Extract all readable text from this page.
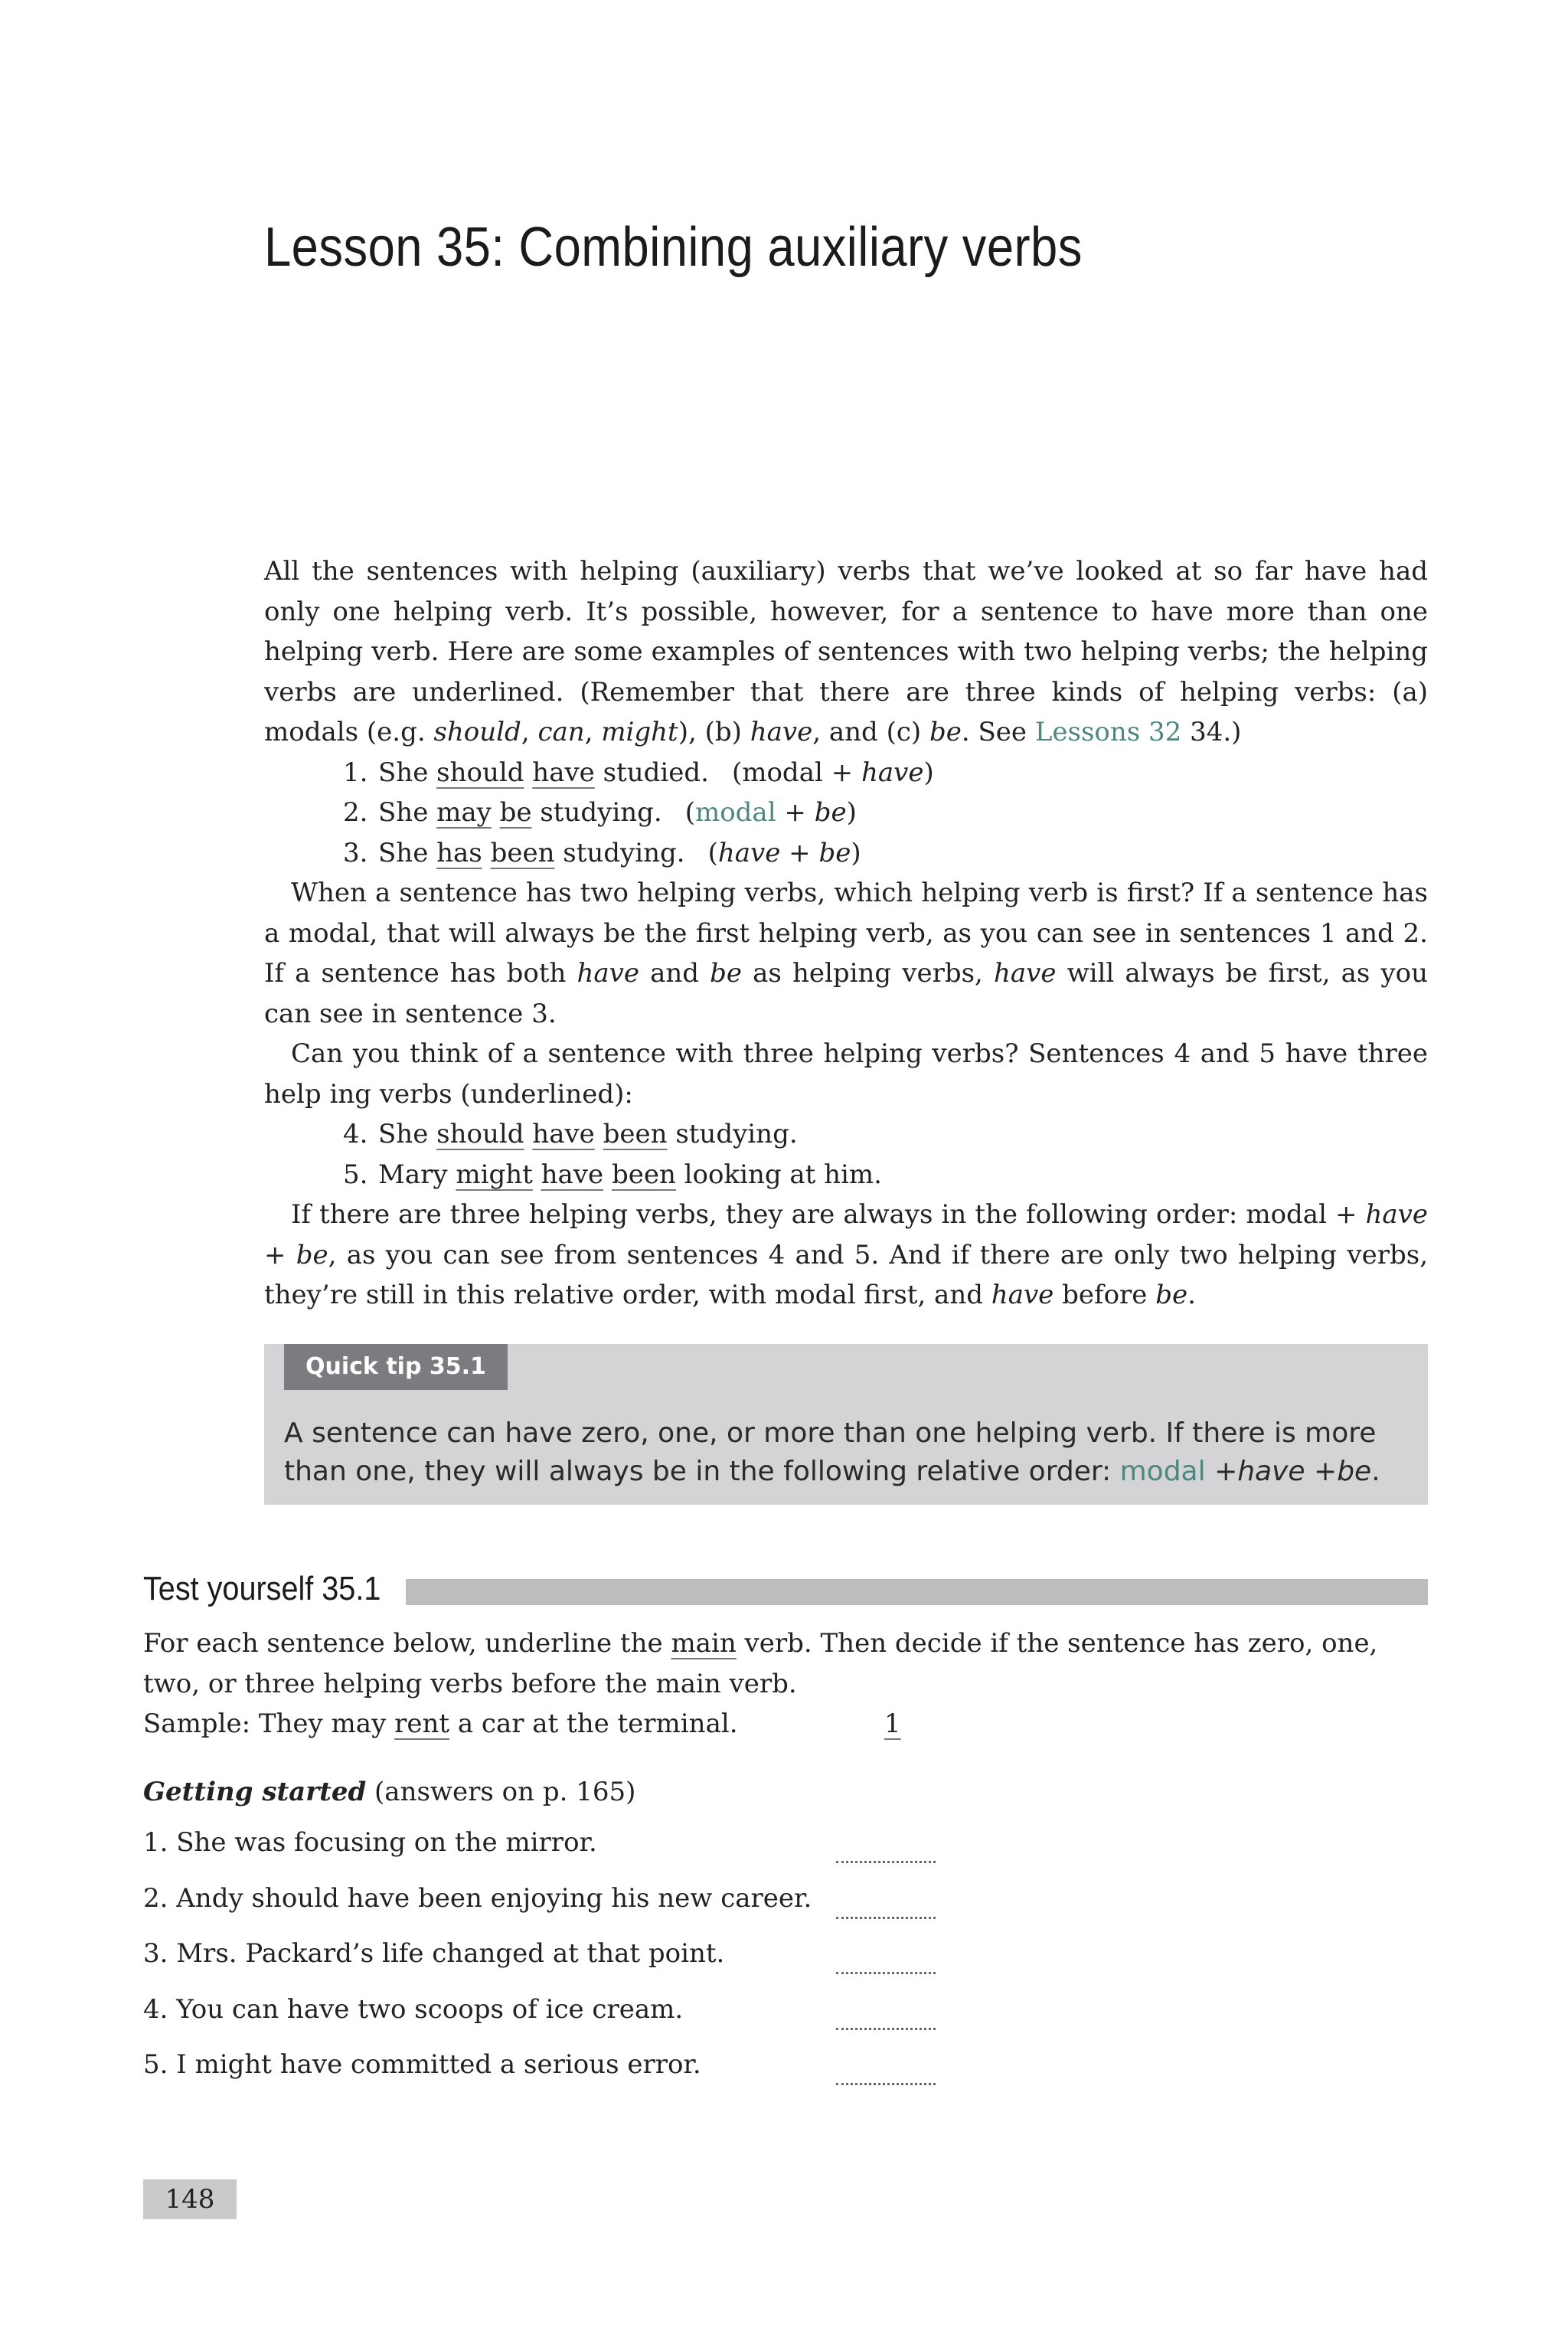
Lesson 35: Combining auxiliary verbs

All the sentences with helping (auxiliary) verbs that we’ve looked at so far have had only one helping verb. It’s possible, however, for a sentence to have more than one helping verb. Here are some examples of sentences with two helping verbs; the helping verbs are underlined. (Remember that there are three kinds of helping verbs: (a) modals (e.g. should, can, might), (b) have, and (c) be. See Lessons 32 34.)

1. She should have studied. (modal + have)

2. She may be studying. (modal + be)

3. She has been studying. (have + be)

When a sentence has two helping verbs, which helping verb is first? If a sentence has a modal, that will always be the first helping verb, as you can see in sentences 1 and 2. If a sentence has both have and be as helping verbs, have will always be first, as you can see in sentence 3.

Can you think of a sentence with three helping verbs? Sentences 4 and 5 have three help ing verbs (underlined):

4. She should have been studying.

5. Mary might have been looking at him.

If there are three helping verbs, they are always in the following order: modal + have + be, as you can see from sentences 4 and 5. And if there are only two helping verbs, they’re still in this relative order, with modal first, and have before be.

Quick tip 35.1
A sentence can have zero, one, or more than one helping verb. If there is more than one, they will always be in the following relative order: modal +have +be.
Test yourself 35.1

For each sentence below, underline the main verb. Then decide if the sentence has zero, one, two, or three helping verbs before the main verb.

Sample: They may rent a car at the terminal.	1

Getting started (answers on p. 165)

1. She was focusing on the mirror.
2. Andy should have been enjoying his new career.
3. Mrs. Packard’s life changed at that point.
4. You can have two scoops of ice cream.
5. I might have committed a serious error.
148
